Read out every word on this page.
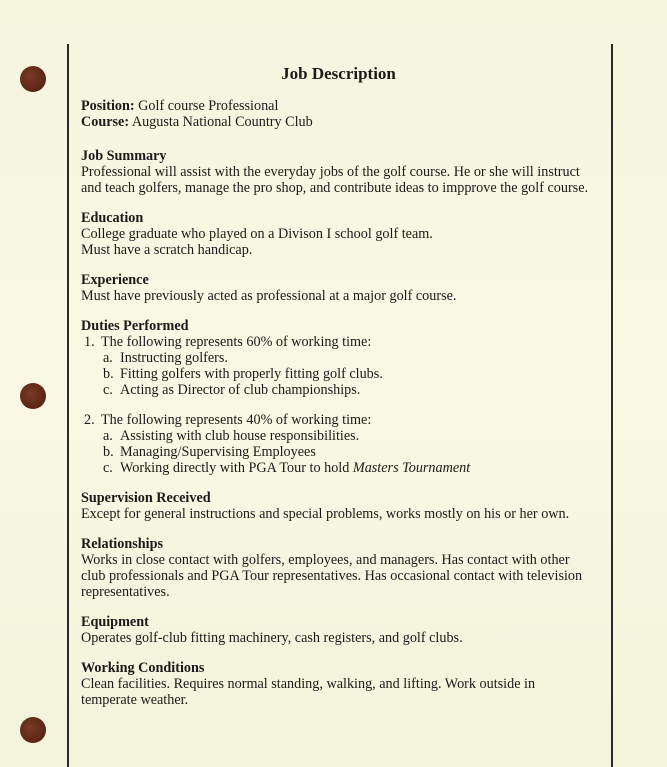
Job Description

Position: Golf course Professional

Course: Augusta National Country Club

Job Summary

Professional will assist with the everyday jobs of the golf course. He or she will instruct

and teach golfers, manage the pro shop, and contribute ideas to impprove the golf course.

Education

College graduate who played on a Divison I school golf team.

Must have a scratch handicap.

Experience

Must have previously acted as professional at a major golf course.

Duties Performed

1. The following represents 60% of working time:
a. Instructing golfers.
b. Fitting golfers with properly fitting golf clubs.
c. Acting as Director of club championships.
2. The following represents 40% of working time:
a. Assisting with club house responsibilities.
b. Managing/Supervising Employees
c. Working directly with PGA Tour to hold Masters Tournament

Supervision Received

Except for general instructions and special problems, works mostly on his or her own.

Relationships

Works in close contact with golfers, employees, and managers. Has contact with other

club professionals and PGA Tour representatives. Has occasional contact with television

representatives.

Equipment

Operates golf-club fitting machinery, cash registers, and golf clubs.

Working Conditions

Clean facilities. Requires normal standing, walking, and lifting. Work outside in

temperate weather.
